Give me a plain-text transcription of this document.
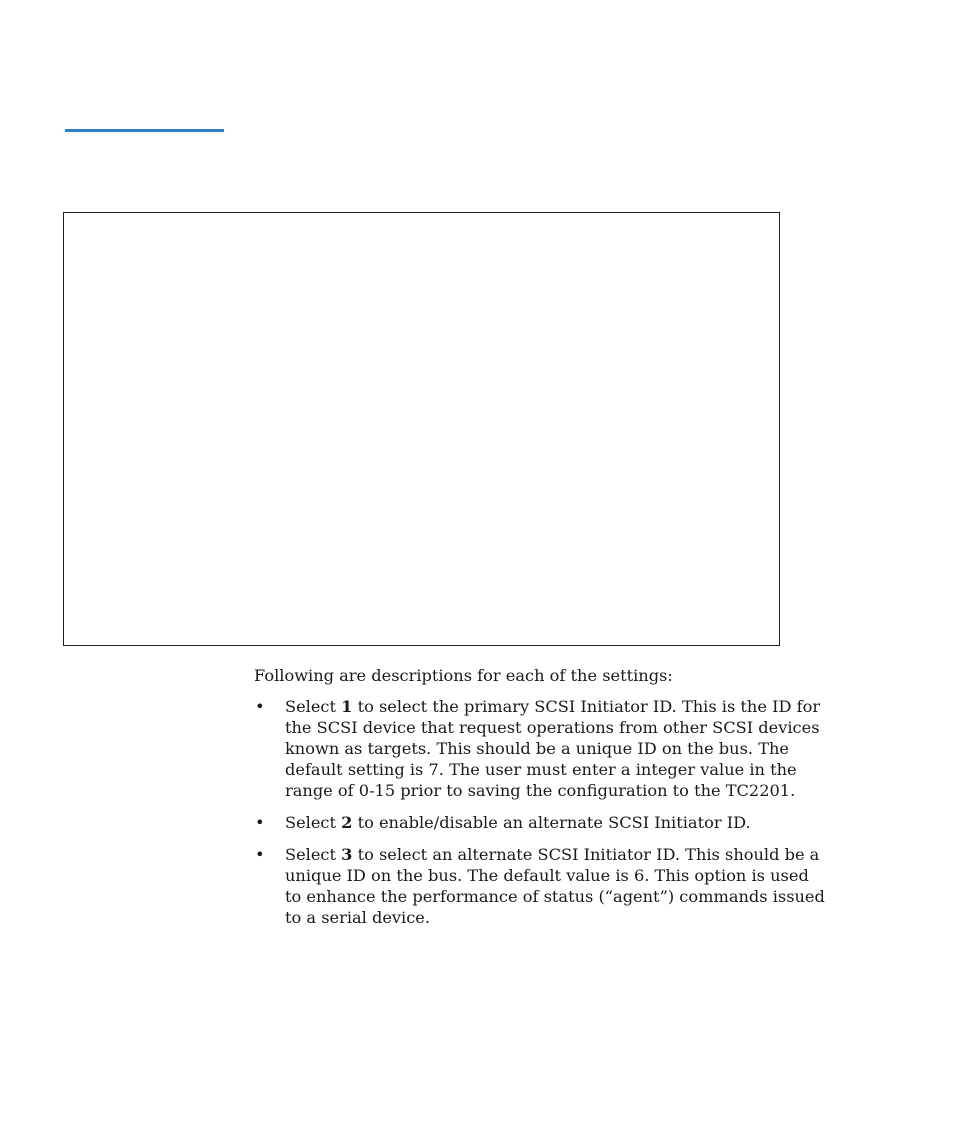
Following are descriptions for each of the settings:

• Select 1 to select the primary SCSI Initiator ID. This is the ID for the SCSI device that request operations from other SCSI devices known as targets. This should be a unique ID on the bus. The default setting is 7. The user must enter a integer value in the range of 0-15 prior to saving the configuration to the TC2201.
• Select 2 to enable/disable an alternate SCSI Initiator ID.
• Select 3 to select an alternate SCSI Initiator ID. This should be a unique ID on the bus. The default value is 6. This option is used to enhance the performance of status (“agent”) commands issued to a serial device.
